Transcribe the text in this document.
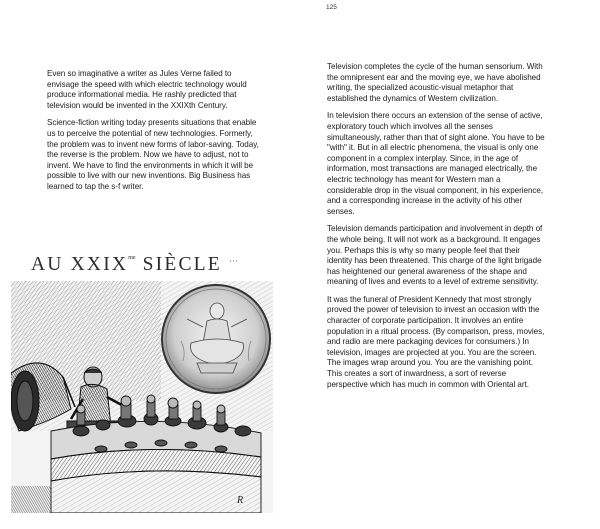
125

Even so imaginative a writer as Jules Verne failed to envisage the speed with which electric technology would produce informational media. He rashly predicted that television would be invented in the XXIXth Century.

Science-fiction writing today presents situations that enable us to perceive the potential of new technologies. Formerly, the problem was to invent new forms of labor-saving. Today, the reverse is the problem. Now we have to adjust, not to invent. We have to find the environments in which it will be possible to live with our new inventions. Big Business has learned to tap the s-f writer.

AU $XXIX^{me}$ SIÈCLE ···
R

Television completes the cycle of the human sensorium. With the omnipresent ear and the moving eye, we have abolished writing, the specialized acoustic-visual metaphor that established the dynamics of Western civilization.

In television there occurs an extension of the sense of active, exploratory touch which involves all the senses simultaneously, rather than that of sight alone. You have to be "with" it. But in all electric phenomena, the visual is only one component in a complex interplay. Since, in the age of information, most transactions are managed electrically, the electric technology has meant for Western man a considerable drop in the visual component, in his experience, and a corresponding increase in the activity of his other senses.

Television demands participation and involvement in depth of the whole being. It will not work as a background. It engages you. Perhaps this is why so many people feel that their identity has been threatened. This charge of the light brigade has heightened our general awareness of the shape and meaning of lives and events to a level of extreme sensitivity.

It was the funeral of President Kennedy that most strongly proved the power of television to invest an occasion with the character of corporate participation. It involves an entire population in a ritual process. (By comparison, press, movies, and radio are mere packaging devices for consumers.) In television, images are projected at you. You are the screen. The images wrap around you. You are the vanishing point. This creates a sort of inwardness, a sort of reverse perspective which has much in common with Oriental art.
